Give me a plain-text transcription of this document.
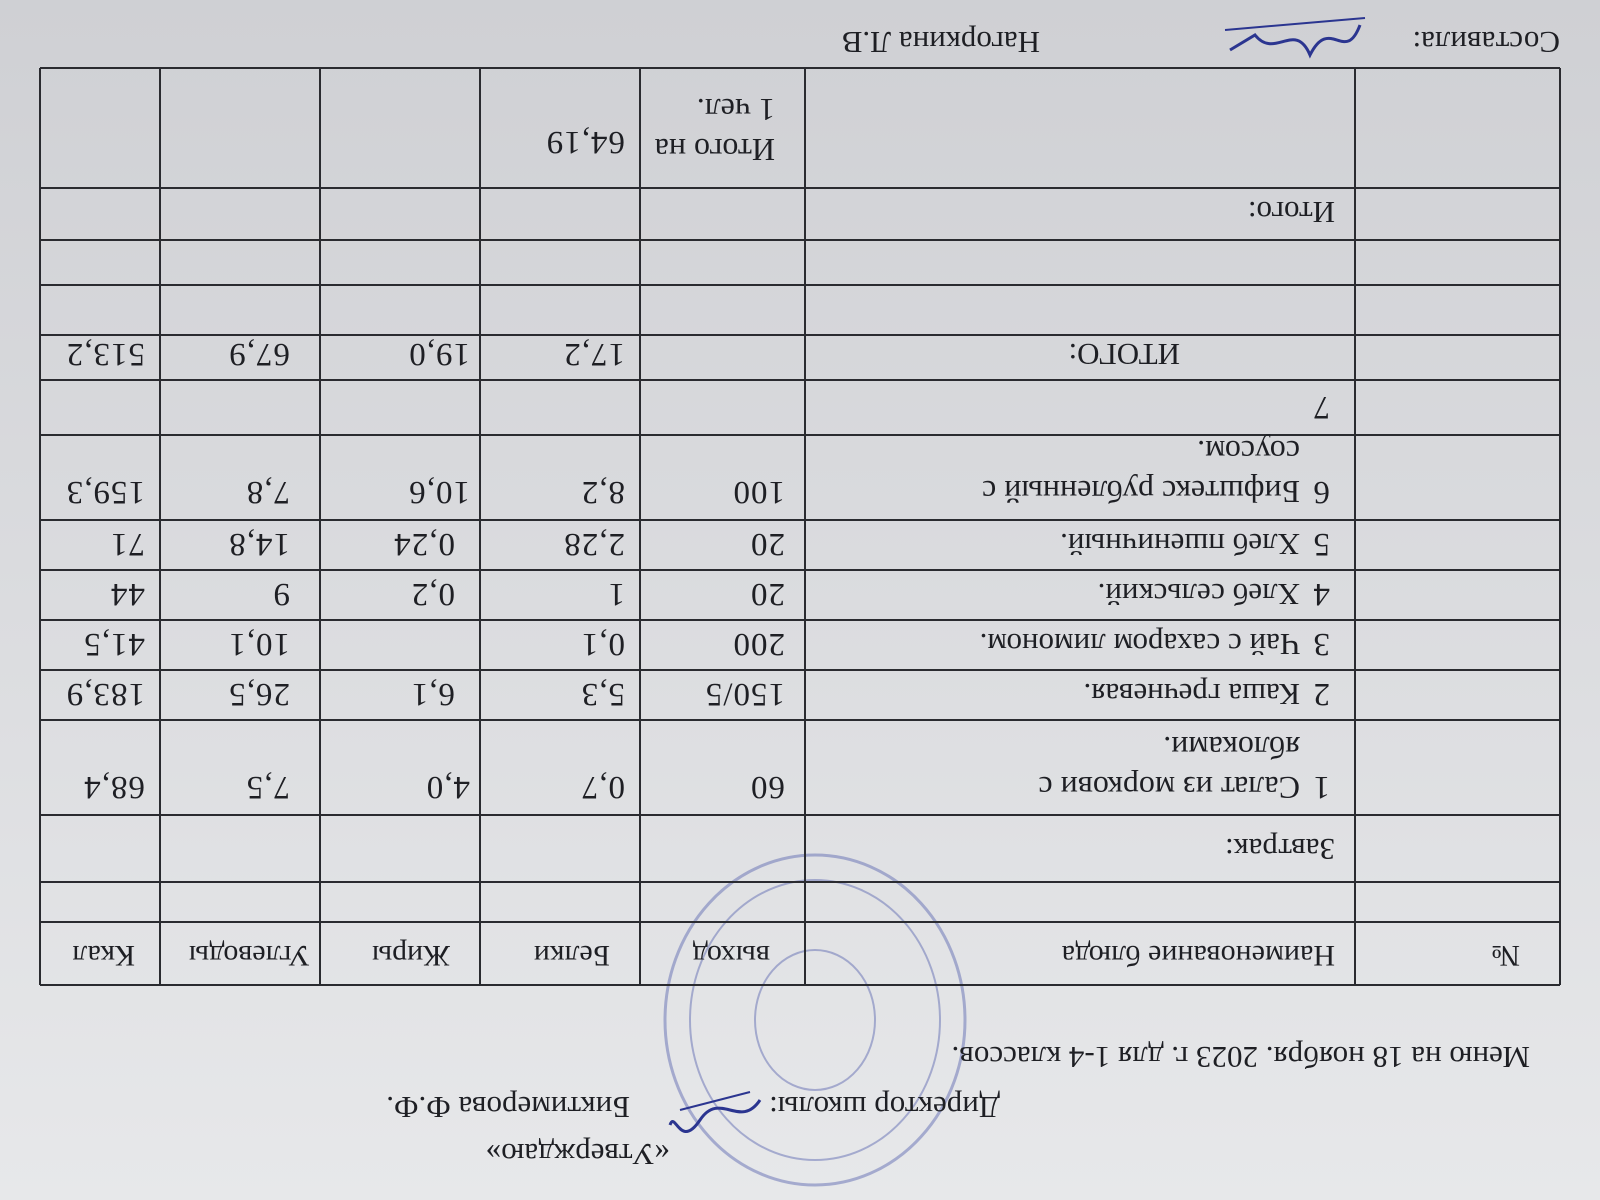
«Утверждаю»
Директор школы:
Биктимерова Ф.Ф.
Меню на 18 ноября. 2023 г. для 1-4 классов.
№
Наименование блюда
выход
Белки
Жиры
Углеводы
Ккал
Завтрак:
1
Салат из моркови с
яблоками.
60
0,7
4,0
7,5
68,4
2
Каша гречневая.
150/5
5,3
6,1
26,5
183,9
3
Чай с сахаром лимоном.
200
0,1
10,1
41,5
4
Хлеб сельский.
20
1
0,2
9
44
5
Хлеб пшеничный.
20
2,28
0,24
14,8
71
6
Бифштекс рубленный с
соусом.
100
8,2
10,6
7,8
159,3
7
ИТОГО:
17,2
19,0
67,9
513,2
Итого:
Итого на
1 чел.
64,19
Составила:
Нагоркина Л.В
